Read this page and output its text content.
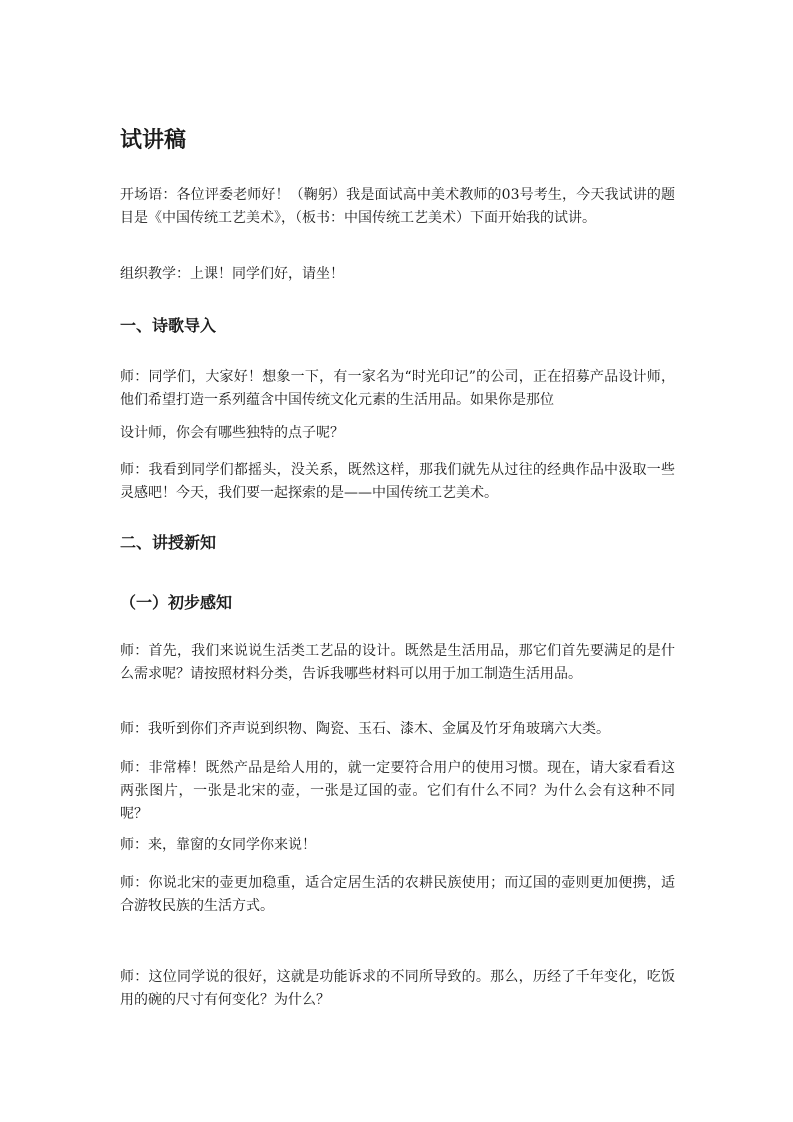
试讲稿

开场语：各位评委老师好！（鞠躬）我是面试高中美术教师的03号考生，今天我试讲的题目是《中国传统工艺美术》，（板书：中国传统工艺美术）下面开始我的试讲。

组织教学：上课！同学们好，请坐！

一、诗歌导入

师：同学们，大家好！想象一下，有一家名为“时光印记”的公司，正在招募产品设计师，他们希望打造一系列蕴含中国传统文化元素的生活用品。如果你是那位

设计师，你会有哪些独特的点子呢？

师：我看到同学们都摇头，没关系，既然这样，那我们就先从过往的经典作品中汲取一些灵感吧！今天，我们要一起探索的是——中国传统工艺美术。

二、讲授新知
（一）初步感知

师：首先，我们来说说生活类工艺品的设计。既然是生活用品，那它们首先要满足的是什么需求呢？请按照材料分类，告诉我哪些材料可以用于加工制造生活用品。

师：我听到你们齐声说到织物、陶瓷、玉石、漆木、金属及竹牙角玻璃六大类。

师：非常棒！既然产品是给人用的，就一定要符合用户的使用习惯。现在，请大家看看这两张图片，一张是北宋的壶，一张是辽国的壶。它们有什么不同？为什么会有这种不同呢？

师：来，靠窗的女同学你来说！

师：你说北宋的壶更加稳重，适合定居生活的农耕民族使用；而辽国的壶则更加便携，适合游牧民族的生活方式。

师：这位同学说的很好，这就是功能诉求的不同所导致的。那么，历经了千年变化，吃饭用的碗的尺寸有何变化？为什么？
